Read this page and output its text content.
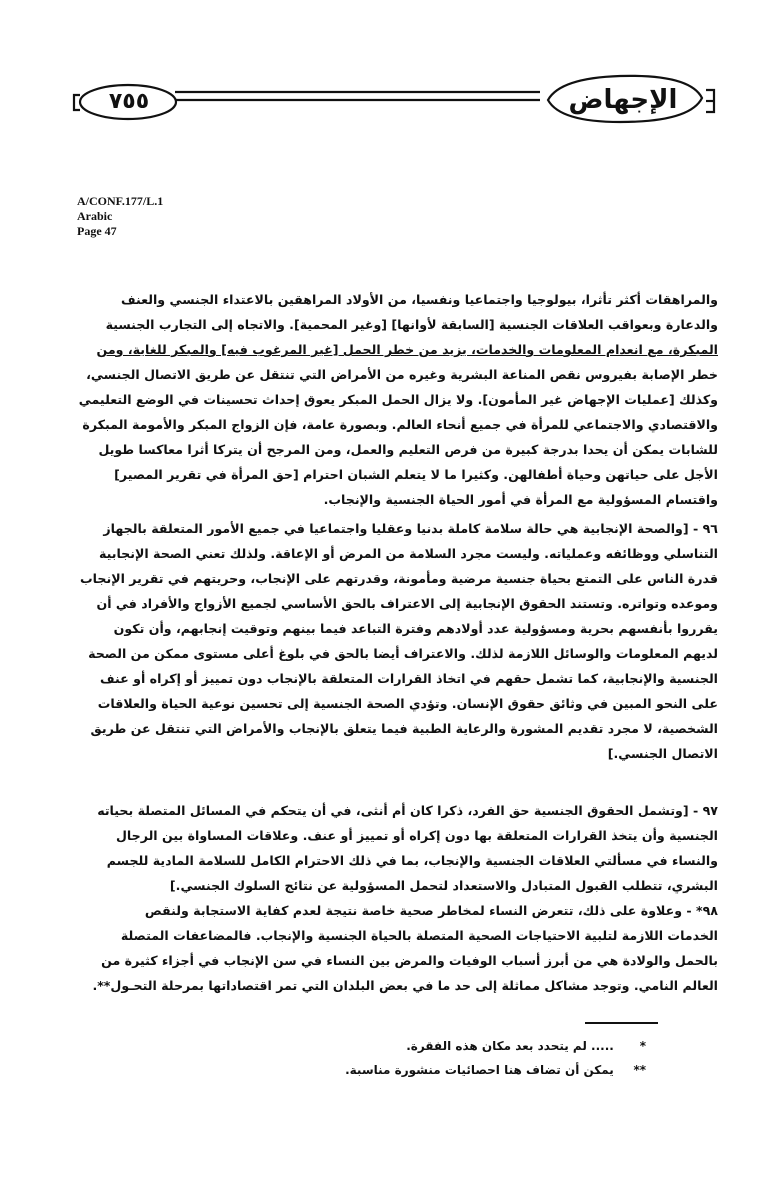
٧٥٥	الإجهاض
A/CONF.177/L.1
Arabic
Page 47
والمراهقات أكثر تأثرا، بيولوجيا واجتماعيا ونفسيا، من الأولاد المراهقين بالاعتداء الجنسي والعنف
والدعارة وبعواقب العلاقات الجنسية [السابقة لأوانها] [وغير المحمية]. والاتجاه إلى التجارب الجنسية
المبكرة، مع انعدام المعلومات والخدمات، يزيد من خطر الحمل [غير المرغوب فيه] والمبكر للغاية، ومن
خطر الإصابة بفيروس نقص المناعة البشرية وغيره من الأمراض التي تنتقل عن طريق الاتصال الجنسي،
وكذلك [عمليات الإجهاض غير المأمون]. ولا يزال الحمل المبكر يعوق إحداث تحسينات في الوضع التعليمي
والاقتصادي والاجتماعي للمرأة في جميع أنحاء العالم. وبصورة عامة، فإن الزواج المبكر والأمومة المبكرة
للشابات يمكن أن يحدا بدرجة كبيرة من فرص التعليم والعمل، ومن المرجح أن يتركا أثرا معاكسا طويل
الأجل على حياتهن وحياة أطفالهن. وكثيرا ما لا يتعلم الشبان احترام [حق المرأة في تقرير المصير]
واقتسام المسؤولية مع المرأة في أمور الحياة الجنسية والإنجاب.
٩٦ - [والصحة الإنجابية هي حالة سلامة كاملة بدنيا وعقليا واجتماعيا في جميع الأمور المتعلقة بالجهاز
التناسلي ووظائفه وعملياته. وليست مجرد السلامة من المرض أو الإعاقة. ولذلك تعني الصحة الإنجابية
قدرة الناس على التمتع بحياة جنسية مرضية ومأمونة، وقدرتهم على الإنجاب، وحريتهم في تقرير الإنجاب
وموعده وتواتره. وتستند الحقوق الإنجابية إلى الاعتراف بالحق الأساسي لجميع الأزواج والأفراد في أن
يقرروا بأنفسهم بحرية ومسؤولية عدد أولادهم وفترة التباعد فيما بينهم وتوقيت إنجابهم، وأن تكون
لديهم المعلومات والوسائل اللازمة لذلك. والاعتراف أيضا بالحق في بلوغ أعلى مستوى ممكن من الصحة
الجنسية والإنجابية، كما تشمل حقهم في اتخاذ القرارات المتعلقة بالإنجاب دون تمييز أو إكراه أو عنف
على النحو المبين في وثائق حقوق الإنسان. وتؤدي الصحة الجنسية إلى تحسين نوعية الحياة والعلاقات
الشخصية، لا مجرد تقديم المشورة والرعاية الطبية فيما يتعلق بالإنجاب والأمراض التي تنتقل عن طريق
الاتصال الجنسي.]
٩٧ - [وتشمل الحقوق الجنسية حق الفرد، ذكرا كان أم أنثى، في أن يتحكم في المسائل المتصلة بحياته
الجنسية وأن يتخذ القرارات المتعلقة بها دون إكراه أو تمييز أو عنف. وعلاقات المساواة بين الرجال
والنساء في مسألتي العلاقات الجنسية والإنجاب، بما في ذلك الاحترام الكامل للسلامة المادية للجسم
البشري، تتطلب القبول المتبادل والاستعداد لتحمل المسؤولية عن نتائج السلوك الجنسي.]
٩٨* - وعلاوة على ذلك، تتعرض النساء لمخاطر صحية خاصة نتيجة لعدم كفاية الاستجابة ولنقص
الخدمات اللازمة لتلبية الاحتياجات الصحية المتصلة بالحياة الجنسية والإنجاب. فالمضاعفات المتصلة
بالحمل والولادة هي من أبرز أسباب الوفيات والمرض بين النساء في سن الإنجاب في أجزاء كثيرة من
العالم النامي. وتوجد مشاكل مماثلة إلى حد ما في بعض البلدان التي تمر اقتصاداتها بمرحلة التحـول**.
* ..... لم يتحدد بعد مكان هذه الفقرة.
** يمكن أن تضاف هنا احصائيات منشورة مناسبة.
